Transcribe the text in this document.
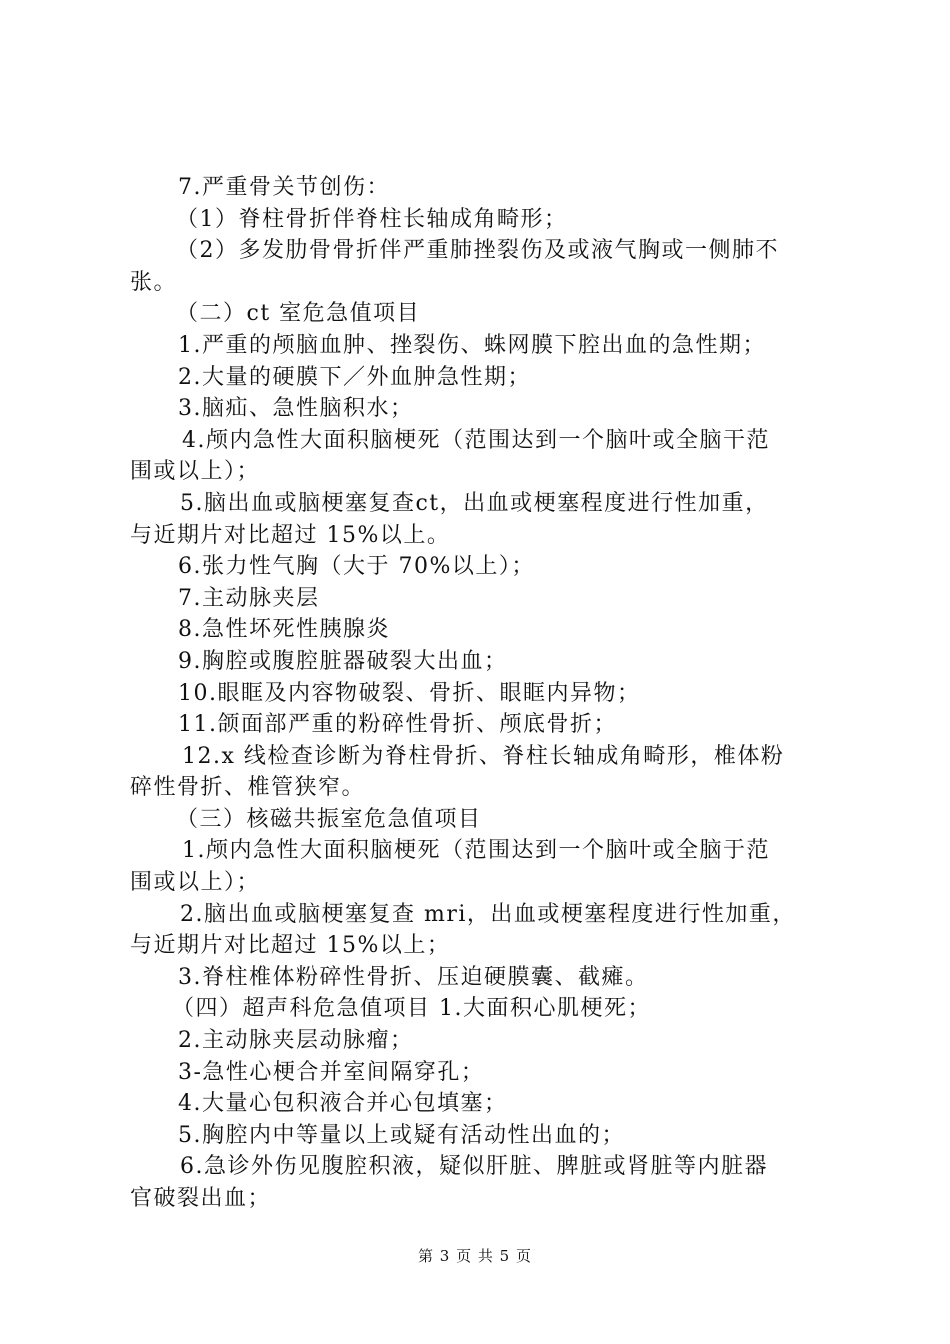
7.严重骨关节创伤：
（1）脊柱骨折伴脊柱长轴成角畸形；
（2）多发肋骨骨折伴严重肺挫裂伤及或液气胸或一侧肺不
张。
（二）ct 室危急值项目
1.严重的颅脑血肿、挫裂伤、蛛网膜下腔出血的急性期；
2.大量的硬膜下／外血肿急性期；
3.脑疝、急性脑积水；
4.颅内急性大面积脑梗死（范围达到一个脑叶或全脑干范
围或以上）；
5.脑出血或脑梗塞复查ct，出血或梗塞程度进行性加重，
与近期片对比超过 15%以上。
6.张力性气胸（大于 70%以上）；
7.主动脉夹层
8.急性坏死性胰腺炎
9.胸腔或腹腔脏器破裂大出血；
10.眼眶及内容物破裂、骨折、眼眶内异物；
11.颌面部严重的粉碎性骨折、颅底骨折；
12.x 线检查诊断为脊柱骨折、脊柱长轴成角畸形，椎体粉
碎性骨折、椎管狭窄。
（三）核磁共振室危急值项目
1.颅内急性大面积脑梗死（范围达到一个脑叶或全脑于范
围或以上）；
2.脑出血或脑梗塞复查 mri，出血或梗塞程度进行性加重，
与近期片对比超过 15%以上；
3.脊柱椎体粉碎性骨折、压迫硬膜囊、截瘫。
（四）超声科危急值项目 1.大面积心肌梗死；
2.主动脉夹层动脉瘤；
3-急性心梗合并室间隔穿孔；
4.大量心包积液合并心包填塞；
5.胸腔内中等量以上或疑有活动性出血的；
6.急诊外伤见腹腔积液，疑似肝脏、脾脏或肾脏等内脏器
官破裂出血；
第 3 页 共 5 页
